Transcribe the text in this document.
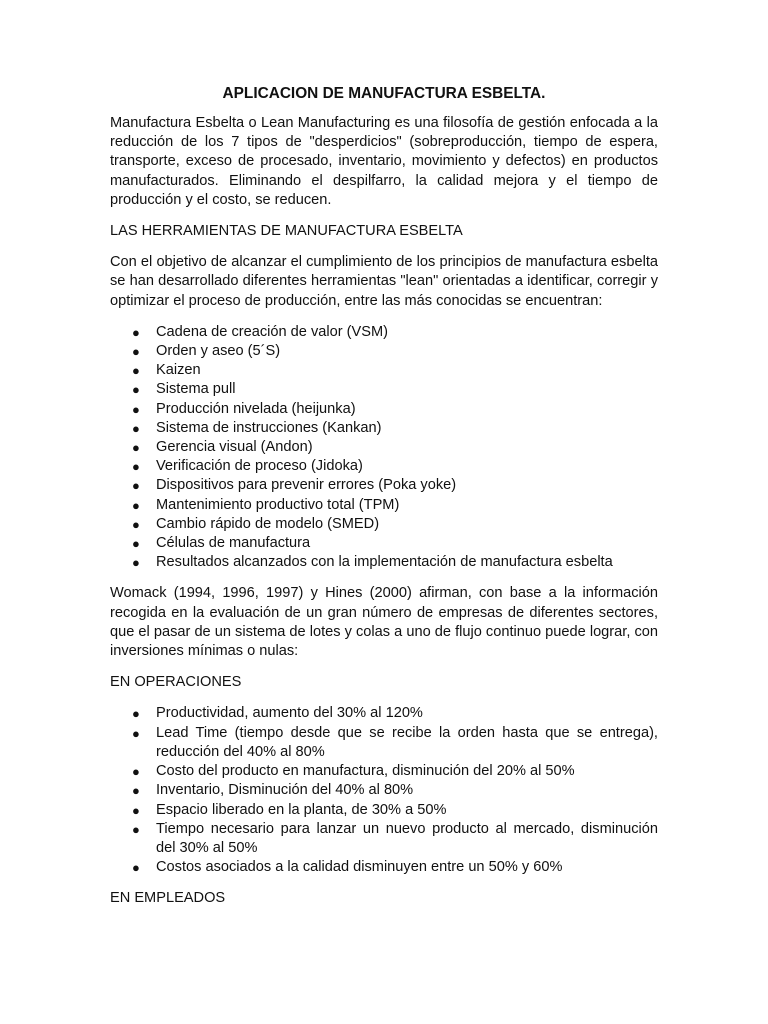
APLICACION DE MANUFACTURA ESBELTA.

Manufactura Esbelta o Lean Manufacturing es una filosofía de gestión enfocada a la reducción de los 7 tipos de "desperdicios" (sobreproducción, tiempo de espera, transporte, exceso de procesado, inventario, movimiento y defectos) en productos manufacturados. Eliminando el despilfarro, la calidad mejora y el tiempo de producción y el costo, se reducen.

LAS HERRAMIENTAS DE MANUFACTURA ESBELTA

Con el objetivo de alcanzar el cumplimiento de los principios de manufactura esbelta se han desarrollado diferentes herramientas "lean" orientadas a identificar, corregir y optimizar el proceso de producción, entre las más conocidas se encuentran:

● Cadena de creación de valor (VSM)
● Orden y aseo (5´S)
● Kaizen
● Sistema pull
● Producción nivelada (heijunka)
● Sistema de instrucciones (Kankan)
● Gerencia visual (Andon)
● Verificación de proceso (Jidoka)
● Dispositivos para prevenir errores (Poka yoke)
● Mantenimiento productivo total (TPM)
● Cambio rápido de modelo (SMED)
● Células de manufactura
● Resultados alcanzados con la implementación de manufactura esbelta

Womack (1994, 1996, 1997) y Hines (2000) afirman, con base a la información recogida en la evaluación de un gran número de empresas de diferentes sectores, que el pasar de un sistema de lotes y colas a uno de flujo continuo puede lograr, con inversiones mínimas o nulas:

EN OPERACIONES

● Productividad, aumento del 30% al 120%
● Lead Time (tiempo desde que se recibe la orden hasta que se entrega), reducción del 40% al 80%
● Costo del producto en manufactura, disminución del 20% al 50%
● Inventario, Disminución del 40% al 80%
● Espacio liberado en la planta, de 30% a 50%
● Tiempo necesario para lanzar un nuevo producto al mercado, disminución del 30% al 50%
● Costos asociados a la calidad disminuyen entre un 50% y 60%

EN EMPLEADOS
